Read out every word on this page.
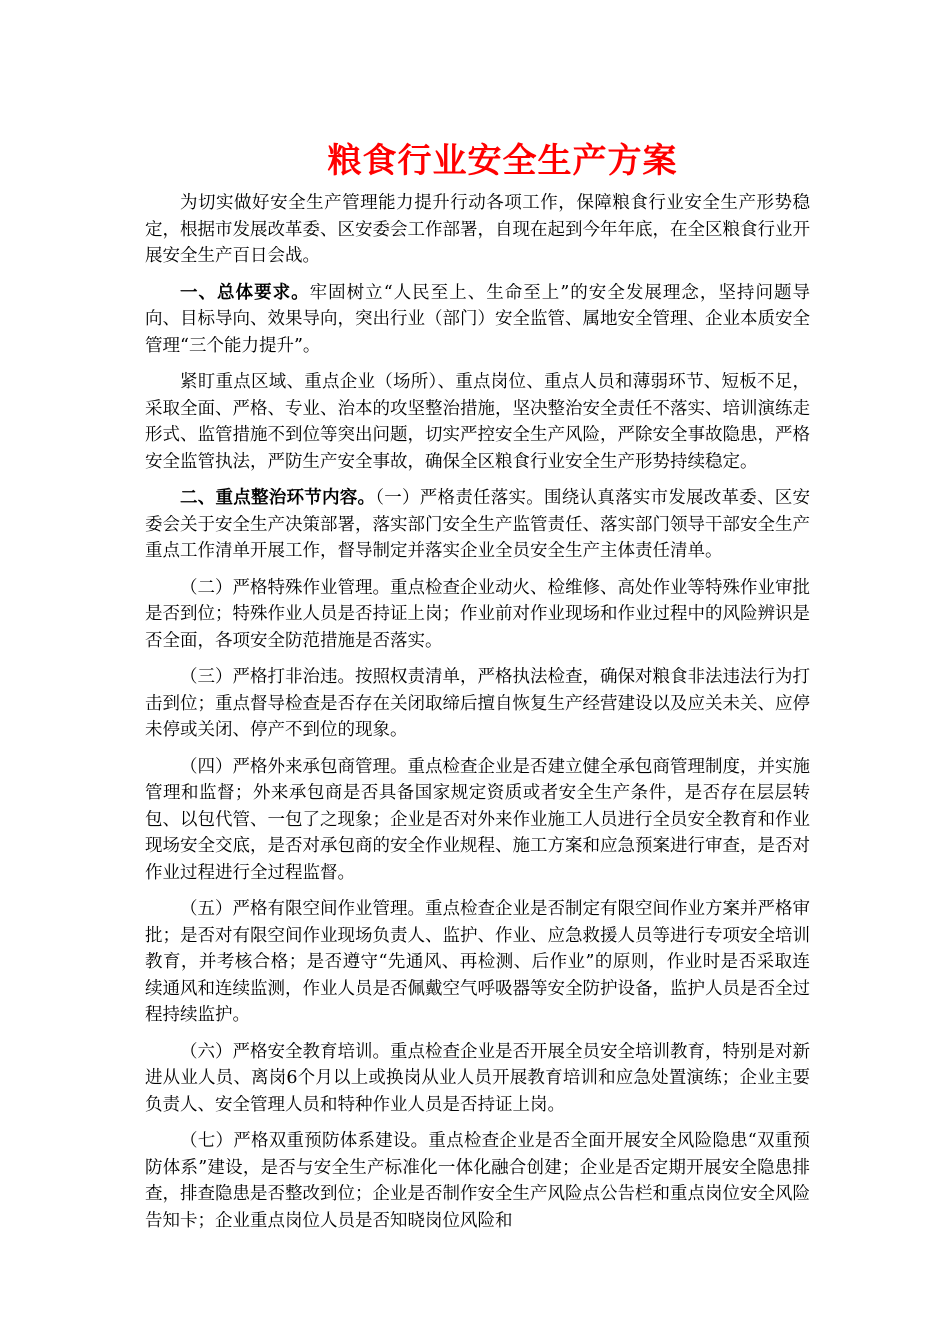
粮食行业安全生产方案

为切实做好安全生产管理能力提升行动各项工作，保障粮食行业安全生产形势稳定，根据市发展改革委、区安委会工作部署，自现在起到今年年底，在全区粮食行业开展安全生产百日会战。

一、总体要求。牢固树立“人民至上、生命至上”的安全发展理念，坚持问题导向、目标导向、效果导向，突出行业（部门）安全监管、属地安全管理、企业本质安全管理“三个能力提升”。

紧盯重点区域、重点企业（场所）、重点岗位、重点人员和薄弱环节、短板不足，采取全面、严格、专业、治本的攻坚整治措施，坚决整治安全责任不落实、培训演练走形式、监管措施不到位等突出问题，切实严控安全生产风险，严除安全事故隐患，严格安全监管执法，严防生产安全事故，确保全区粮食行业安全生产形势持续稳定。

二、重点整治环节内容。（一）严格责任落实。围绕认真落实市发展改革委、区安委会关于安全生产决策部署，落实部门安全生产监管责任、落实部门领导干部安全生产重点工作清单开展工作，督导制定并落实企业全员安全生产主体责任清单。

（二）严格特殊作业管理。重点检查企业动火、检维修、高处作业等特殊作业审批是否到位；特殊作业人员是否持证上岗；作业前对作业现场和作业过程中的风险辨识是否全面，各项安全防范措施是否落实。

（三）严格打非治违。按照权责清单，严格执法检查，确保对粮食非法违法行为打击到位；重点督导检查是否存在关闭取缔后擅自恢复生产经营建设以及应关未关、应停未停或关闭、停产不到位的现象。

（四）严格外来承包商管理。重点检查企业是否建立健全承包商管理制度，并实施管理和监督；外来承包商是否具备国家规定资质或者安全生产条件，是否存在层层转包、以包代管、一包了之现象；企业是否对外来作业施工人员进行全员安全教育和作业现场安全交底，是否对承包商的安全作业规程、施工方案和应急预案进行审查，是否对作业过程进行全过程监督。

（五）严格有限空间作业管理。重点检查企业是否制定有限空间作业方案并严格审批；是否对有限空间作业现场负责人、监护、作业、应急救援人员等进行专项安全培训教育，并考核合格；是否遵守“先通风、再检测、后作业”的原则，作业时是否采取连续通风和连续监测，作业人员是否佩戴空气呼吸器等安全防护设备，监护人员是否全过程持续监护。

（六）严格安全教育培训。重点检查企业是否开展全员安全培训教育，特别是对新进从业人员、离岗6个月以上或换岗从业人员开展教育培训和应急处置演练；企业主要负责人、安全管理人员和特种作业人员是否持证上岗。

（七）严格双重预防体系建设。重点检查企业是否全面开展安全风险隐患“双重预防体系”建设，是否与安全生产标准化一体化融合创建；企业是否定期开展安全隐患排查，排查隐患是否整改到位；企业是否制作安全生产风险点公告栏和重点岗位安全风险告知卡；企业重点岗位人员是否知晓岗位风险和
